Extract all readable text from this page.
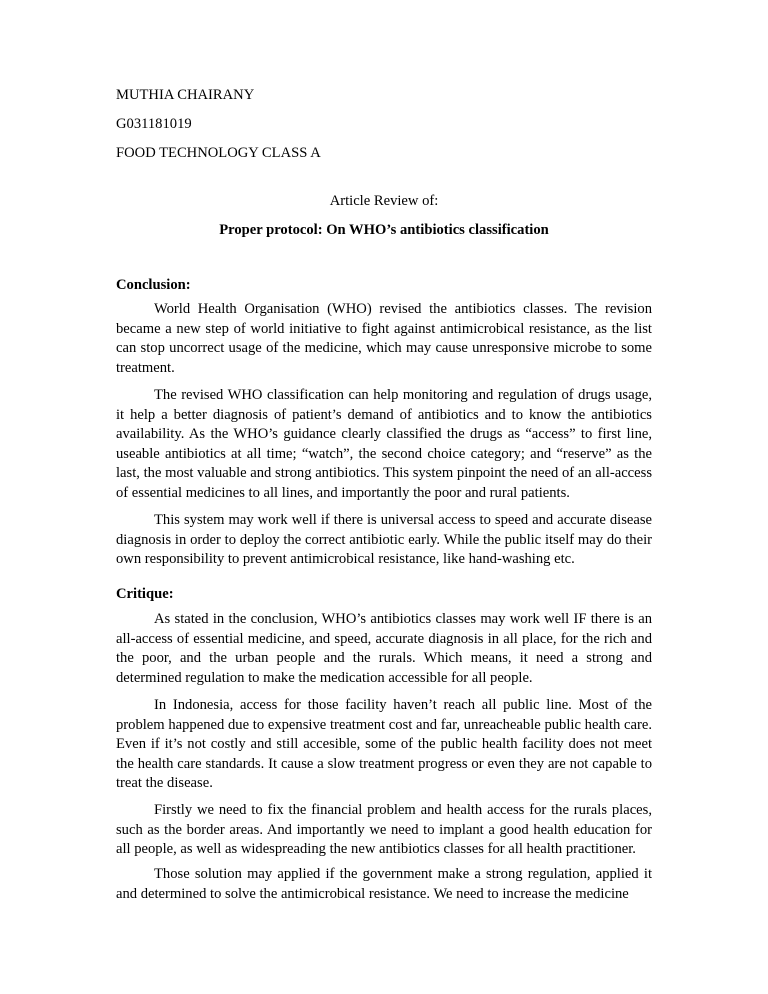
MUTHIA CHAIRANY
G031181019
FOOD TECHNOLOGY CLASS A
Article Review of:
Proper protocol: On WHO’s antibiotics classification
Conclusion:

World Health Organisation (WHO) revised the antibiotics classes. The revision became a new step of world initiative to fight against antimicrobical resistance, as the list can stop uncorrect usage of the medicine, which may cause unresponsive microbe to some treatment.

The revised WHO classification can help monitoring and regulation of drugs usage, it help a better diagnosis of patient’s demand of antibiotics and to know the antibiotics availability. As the WHO’s guidance clearly classified the drugs as “access” to first line, useable antibiotics at all time; “watch”, the second choice category; and “reserve” as the last, the most valuable and strong antibiotics. This system pinpoint the need of an all-access of essential medicines to all lines, and importantly the poor and rural patients.

This system may work well if there is universal access to speed and accurate disease diagnosis in order to deploy the correct antibiotic early. While the public itself may do their own responsibility to prevent antimicrobical resistance, like hand-washing etc.

Critique:

As stated in the conclusion, WHO’s antibiotics classes may work well IF there is an all-access of essential medicine, and speed, accurate diagnosis in all place, for the rich and the poor, and the urban people and the rurals. Which means, it need a strong and determined regulation to make the medication accessible for all people.

In Indonesia, access for those facility haven’t reach all public line. Most of the problem happened due to expensive treatment cost and far, unreacheable public health care. Even if it’s not costly and still accesible, some of the public health facility does not meet the health care standards. It cause a slow treatment progress or even they are not capable to treat the disease.

Firstly we need to fix the financial problem and health access for the rurals places, such as the border areas. And importantly we need to implant a good health education for all people, as well as widespreading the new antibiotics classes for all health practitioner.

Those solution may applied if the government make a strong regulation, applied it and determined to solve the antimicrobical resistance. We need to increase the medicine
